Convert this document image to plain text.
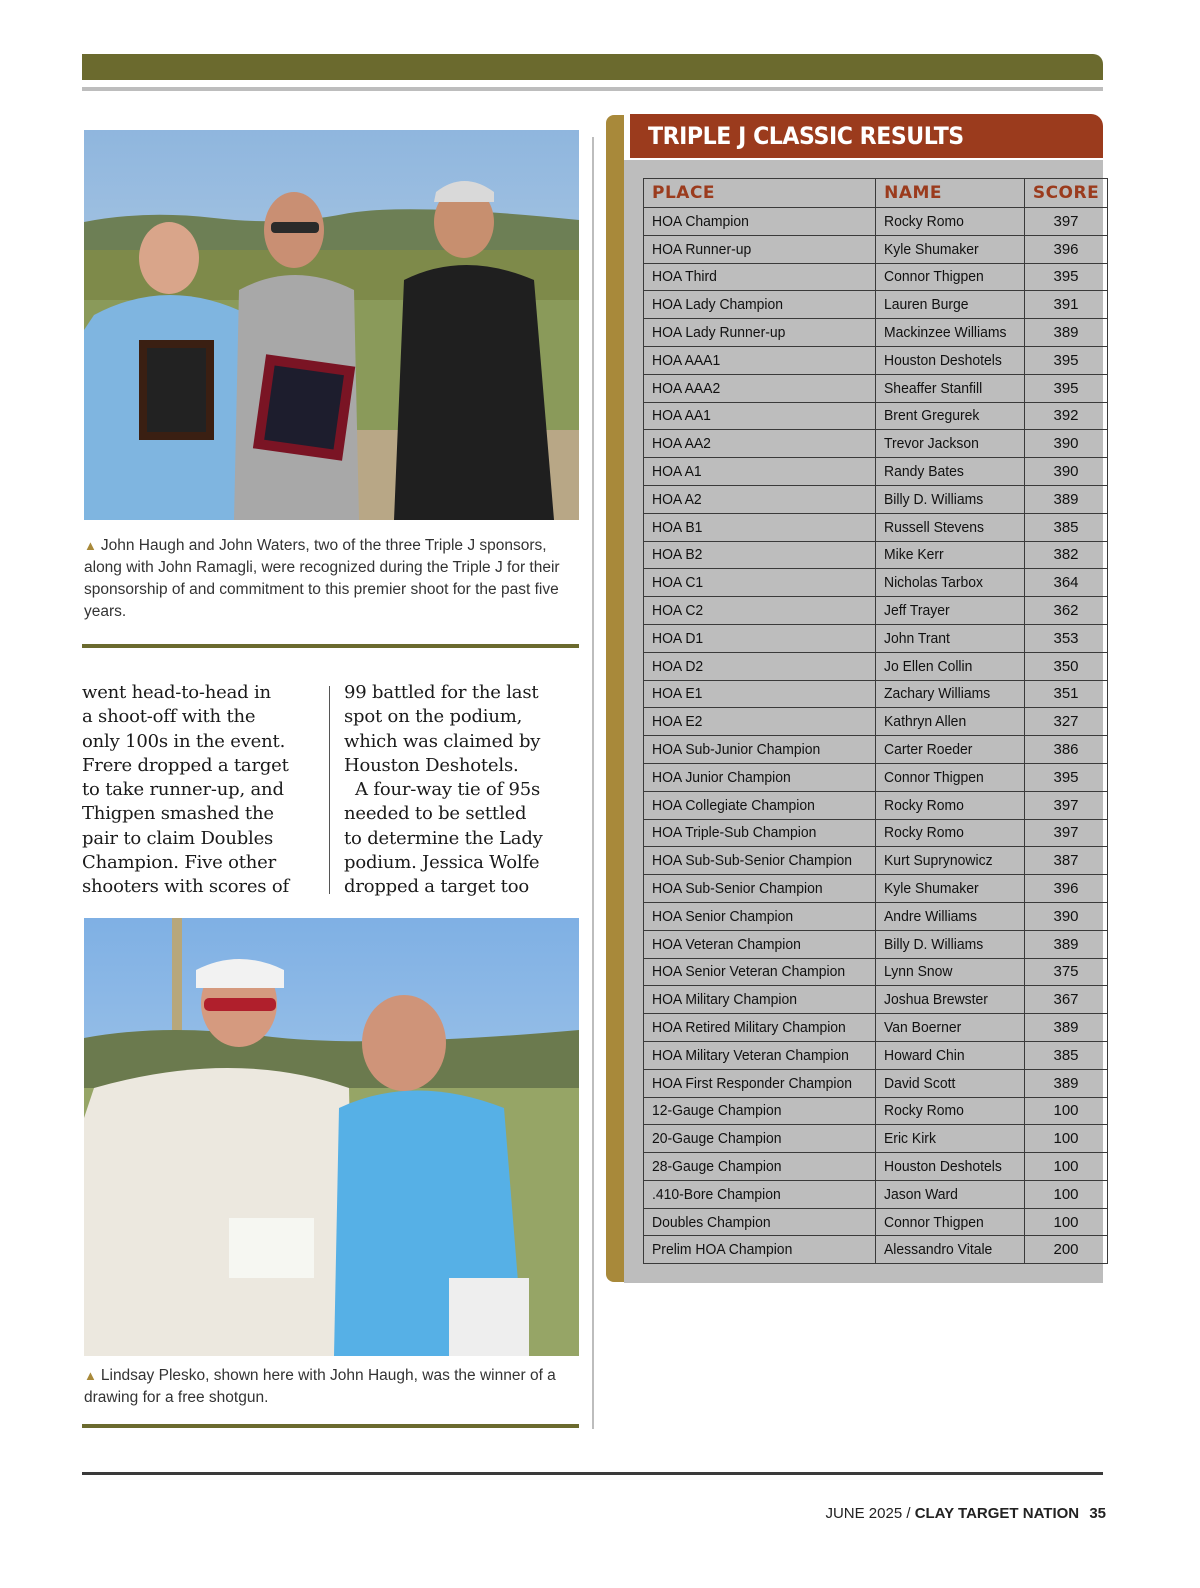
▲ John Haugh and John Waters, two of the three Triple J sponsors, along with John Ramagli, were recognized during the Triple J for their sponsorship of and commitment to this premier shoot for the past five years.
went head-to-head in
a shoot-off with the
only 100s in the event.
Frere dropped a target
to take runner-up, and
Thigpen smashed the
pair to claim Doubles
Champion. Five other
shooters with scores of
99 battled for the last
spot on the podium,
which was claimed by
Houston Deshotels.
A four-way tie of 95s
needed to be settled
to determine the Lady
podium. Jessica Wolfe
dropped a target too
▲ Lindsay Plesko, shown here with John Haugh, was the winner of a drawing for a free shotgun.
TRIPLE J CLASSIC RESULTS
PLACE	NAME	SCORE
HOA Champion	Rocky Romo	397
HOA Runner-up	Kyle Shumaker	396
HOA Third	Connor Thigpen	395
HOA Lady Champion	Lauren Burge	391
HOA Lady Runner-up	Mackinzee Williams	389
HOA AAA1	Houston Deshotels	395
HOA AAA2	Sheaffer Stanfill	395
HOA AA1	Brent Gregurek	392
HOA AA2	Trevor Jackson	390
HOA A1	Randy Bates	390
HOA A2	Billy D. Williams	389
HOA B1	Russell Stevens	385
HOA B2	Mike Kerr	382
HOA C1	Nicholas Tarbox	364
HOA C2	Jeff Trayer	362
HOA D1	John Trant	353
HOA D2	Jo Ellen Collin	350
HOA E1	Zachary Williams	351
HOA E2	Kathryn Allen	327
HOA Sub-Junior Champion	Carter Roeder	386
HOA Junior Champion	Connor Thigpen	395
HOA Collegiate Champion	Rocky Romo	397
HOA Triple-Sub Champion	Rocky Romo	397
HOA Sub-Sub-Senior Champion	Kurt Suprynowicz	387
HOA Sub-Senior Champion	Kyle Shumaker	396
HOA Senior Champion	Andre Williams	390
HOA Veteran Champion	Billy D. Williams	389
HOA Senior Veteran Champion	Lynn Snow	375
HOA Military Champion	Joshua Brewster	367
HOA Retired Military Champion	Van Boerner	389
HOA Military Veteran Champion	Howard Chin	385
HOA First Responder Champion	David Scott	389
12-Gauge Champion	Rocky Romo	100
20-Gauge Champion	Eric Kirk	100
28-Gauge Champion	Houston Deshotels	100
.410-Bore Champion	Jason Ward	100
Doubles Champion	Connor Thigpen	100
Prelim HOA Champion	Alessandro Vitale	200
JUNE 2025 / CLAY TARGET NATION 35
